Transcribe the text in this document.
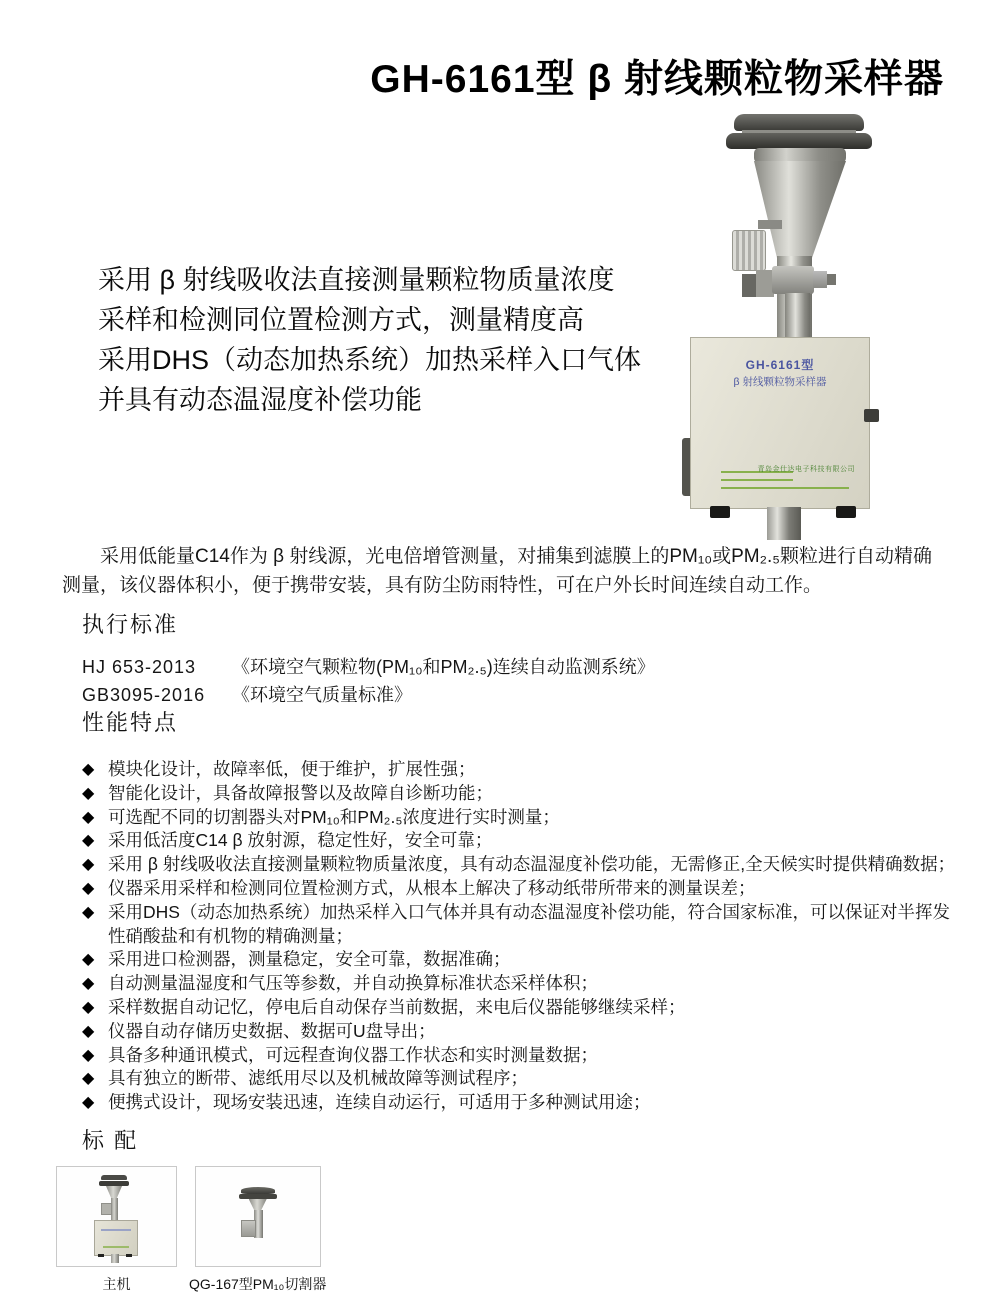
GH-6161型 β 射线颗粒物采样器
采用 β 射线吸收法直接测量颗粒物质量浓度
采样和检测同位置检测方式，测量精度高
采用DHS（动态加热系统）加热采样入口气体
并具有动态温湿度补偿功能
GH-6161型
β 射线颗粒物采样器
青岛金仕达电子科技有限公司
采用低能量C14作为 β 射线源，光电倍增管测量，对捕集到滤膜上的PM₁₀或PM₂.₅颗粒进行自动精确测量，该仪器体积小，便于携带安装，具有防尘防雨特性，可在户外长时间连续自动工作。
执行标准
HJ 653-2013	《环境空气颗粒物(PM₁₀和PM₂.₅)连续自动监测系统》
GB3095-2016	《环境空气质量标准》
性能特点
◆ 模块化设计，故障率低，便于维护，扩展性强；
◆ 智能化设计，具备故障报警以及故障自诊断功能；
◆ 可选配不同的切割器头对PM₁₀和PM₂.₅浓度进行实时测量；
◆ 采用低活度C14 β 放射源，稳定性好，安全可靠；
◆ 采用 β 射线吸收法直接测量颗粒物质量浓度，具有动态温湿度补偿功能，无需修正,全天候实时提供精确数据；
◆ 仪器采用采样和检测同位置检测方式，从根本上解决了移动纸带所带来的测量误差；
◆ 采用DHS（动态加热系统）加热采样入口气体并具有动态温湿度补偿功能，符合国家标准，可以保证对半挥发性硝酸盐和有机物的精确测量；
◆ 采用进口检测器，测量稳定，安全可靠，数据准确；
◆ 自动测量温湿度和气压等参数，并自动换算标准状态采样体积；
◆ 采样数据自动记忆，停电后自动保存当前数据，来电后仪器能够继续采样；
◆ 仪器自动存储历史数据、数据可U盘导出；
◆ 具备多种通讯模式，可远程查询仪器工作状态和实时测量数据；
◆ 具有独立的断带、滤纸用尽以及机械故障等测试程序；
◆ 便携式设计，现场安装迅速，连续自动运行，可适用于多种测试用途；
标 配
主机	QG-167型PM₁₀切割器
